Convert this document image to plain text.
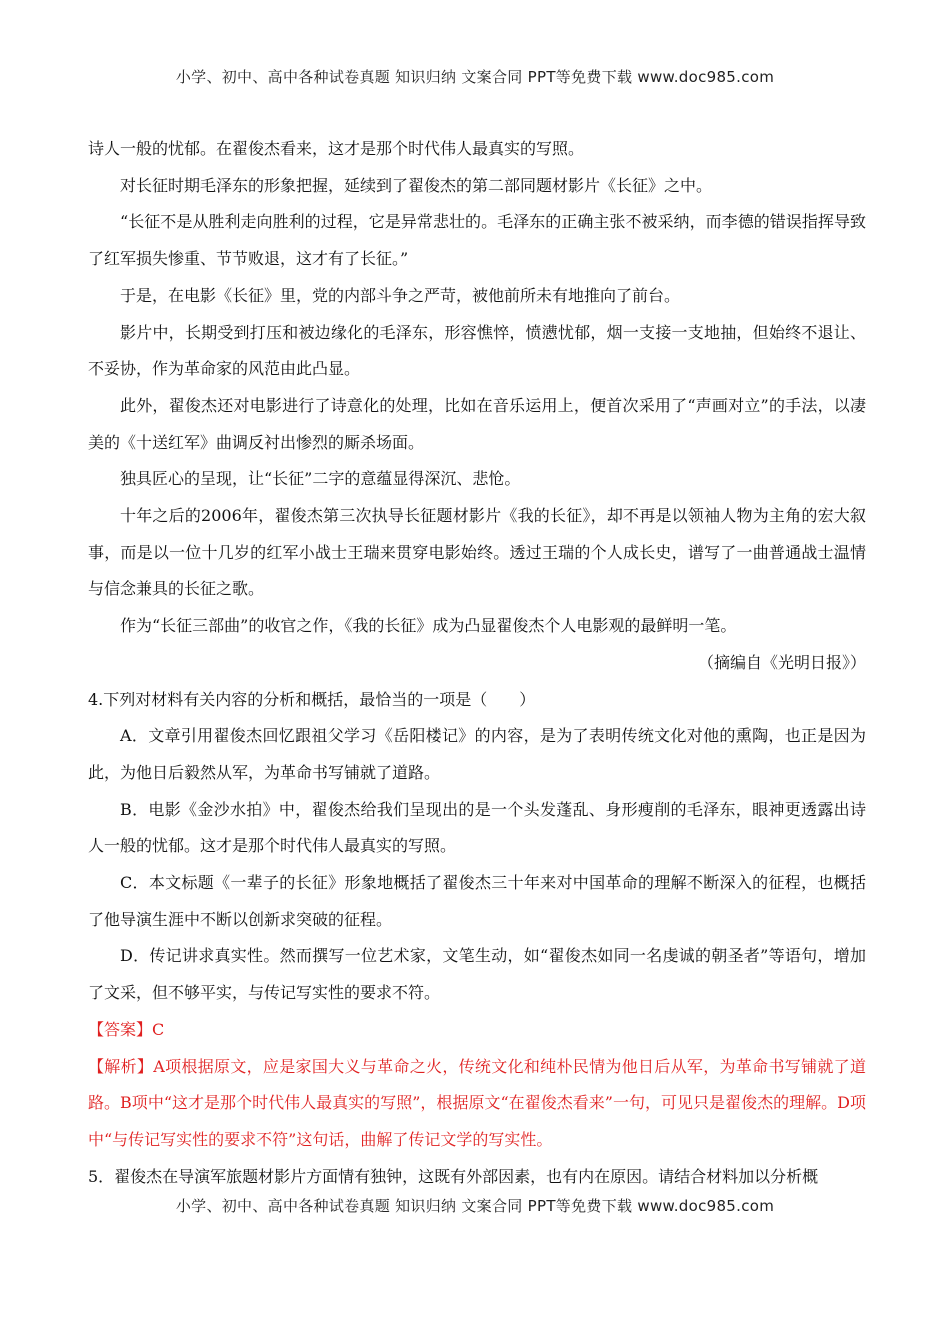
小学、初中、高中各种试卷真题 知识归纳 文案合同 PPT等免费下载 www.doc985.com

诗人一般的忧郁。在翟俊杰看来，这才是那个时代伟人最真实的写照。

对长征时期毛泽东的形象把握，延续到了翟俊杰的第二部同题材影片《长征》之中。

“长征不是从胜利走向胜利的过程，它是异常悲壮的。毛泽东的正确主张不被采纳，而李德的错误指挥导致了红军损失惨重、节节败退，这才有了长征。”

于是，在电影《长征》里，党的内部斗争之严苛，被他前所未有地推向了前台。

影片中，长期受到打压和被边缘化的毛泽东，形容憔悴，愤懑忧郁，烟一支接一支地抽，但始终不退让、不妥协，作为革命家的风范由此凸显。

此外，翟俊杰还对电影进行了诗意化的处理，比如在音乐运用上，便首次采用了“声画对立”的手法，以凄美的《十送红军》曲调反衬出惨烈的厮杀场面。

独具匠心的呈现，让“长征”二字的意蕴显得深沉、悲怆。

十年之后的2006年，翟俊杰第三次执导长征题材影片《我的长征》，却不再是以领袖人物为主角的宏大叙事，而是以一位十几岁的红军小战士王瑞来贯穿电影始终。透过王瑞的个人成长史，谱写了一曲普通战士温情与信念兼具的长征之歌。

作为“长征三部曲”的收官之作，《我的长征》成为凸显翟俊杰个人电影观的最鲜明一笔。

（摘编自《光明日报》）

4.下列对材料有关内容的分析和概括，最恰当的一项是（　　）

A．文章引用翟俊杰回忆跟祖父学习《岳阳楼记》的内容，是为了表明传统文化对他的熏陶，也正是因为此，为他日后毅然从军，为革命书写铺就了道路。

B．电影《金沙水拍》中，翟俊杰给我们呈现出的是一个头发蓬乱、身形瘦削的毛泽东，眼神更透露出诗人一般的忧郁。这才是那个时代伟人最真实的写照。

C．本文标题《一辈子的长征》形象地概括了翟俊杰三十年来对中国革命的理解不断深入的征程，也概括了他导演生涯中不断以创新求突破的征程。

D．传记讲求真实性。然而撰写一位艺术家，文笔生动，如“翟俊杰如同一名虔诚的朝圣者”等语句，增加了文采，但不够平实，与传记写实性的要求不符。

【答案】C

【解析】A项根据原文，应是家国大义与革命之火，传统文化和纯朴民情为他日后从军，为革命书写铺就了道路。B项中“这才是那个时代伟人最真实的写照”，根据原文“在翟俊杰看来”一句，可见只是翟俊杰的理解。D项中“与传记写实性的要求不符”这句话，曲解了传记文学的写实性。

5．翟俊杰在导演军旅题材影片方面情有独钟，这既有外部因素，也有内在原因。请结合材料加以分析概

小学、初中、高中各种试卷真题 知识归纳 文案合同 PPT等免费下载 www.doc985.com
